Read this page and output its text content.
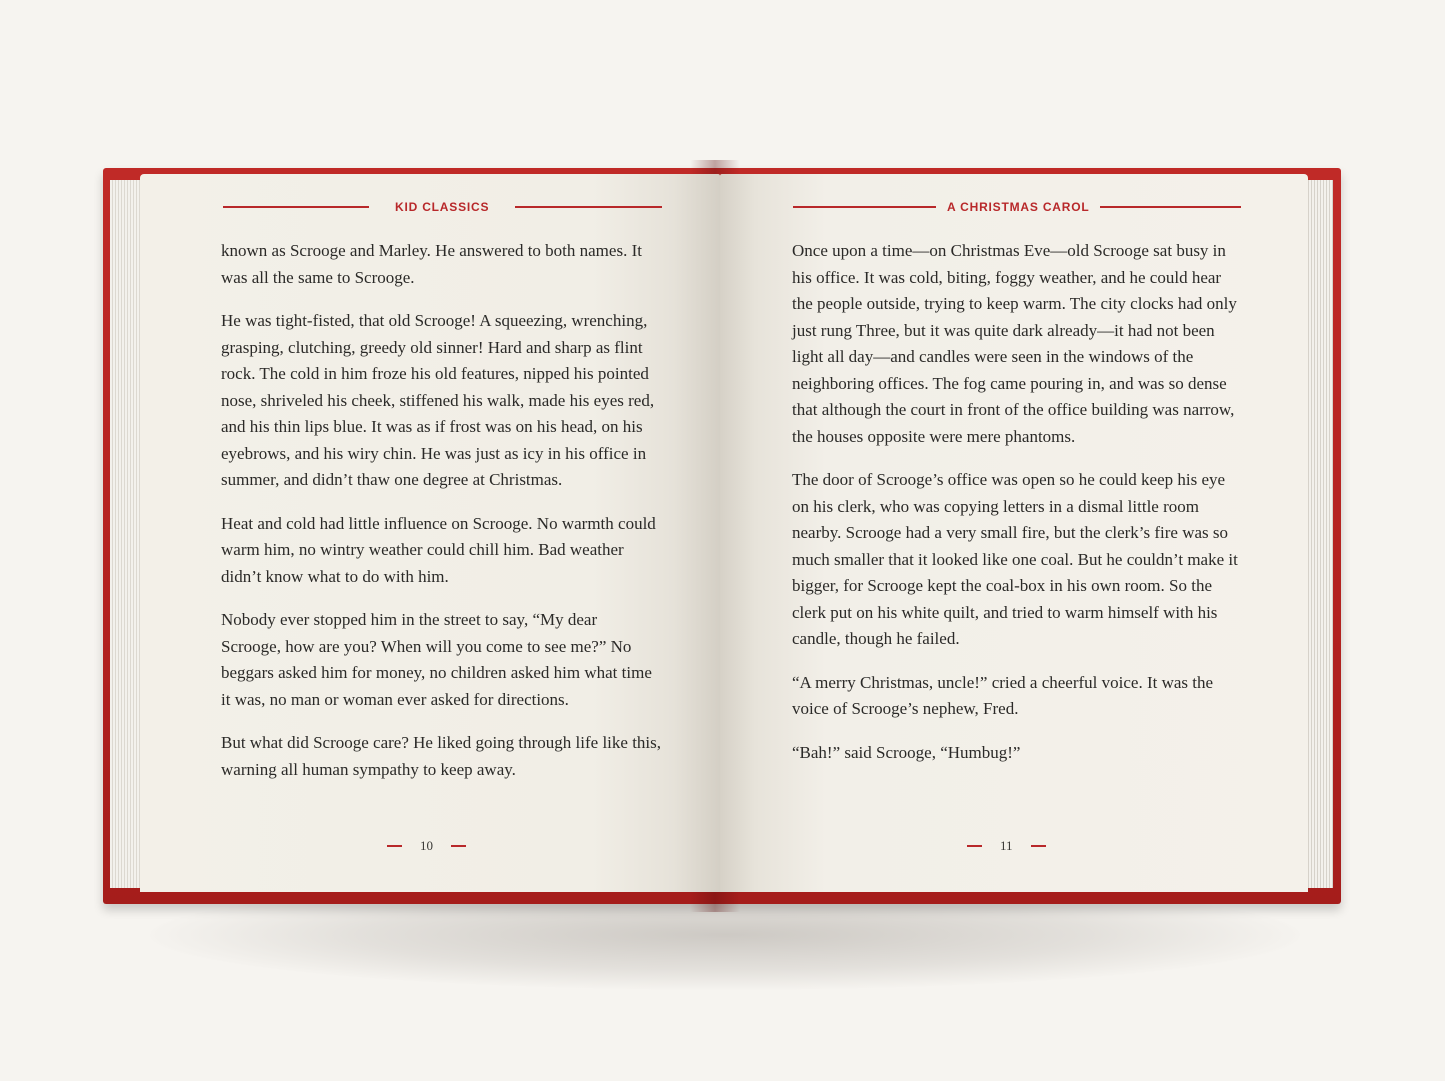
KID CLASSICS

known as Scrooge and Marley. He answered to both names. It was all the same to Scrooge.

He was tight-fisted, that old Scrooge! A squeezing, wrenching, grasping, clutching, greedy old sinner! Hard and sharp as flint rock. The cold in him froze his old features, nipped his pointed nose, shriveled his cheek, stiffened his walk, made his eyes red, and his thin lips blue. It was as if frost was on his head, on his eyebrows, and his wiry chin. He was just as icy in his office in summer, and didn’t thaw one degree at Christmas.

Heat and cold had little influence on Scrooge. No warmth could warm him, no wintry weather could chill him. Bad weather didn’t know what to do with him.

Nobody ever stopped him in the street to say, “My dear Scrooge, how are you? When will you come to see me?” No beggars asked him for money, no children asked him what time it was, no man or woman ever asked for directions.

But what did Scrooge care? He liked going through life like this, warning all human sympathy to keep away.

10
A CHRISTMAS CAROL

Once upon a time—on Christmas Eve—old Scrooge sat busy in his office. It was cold, biting, foggy weather, and he could hear the people outside, trying to keep warm. The city clocks had only just rung Three, but it was quite dark already—it had not been light all day—and candles were seen in the windows of the neighboring offices. The fog came pouring in, and was so dense that although the court in front of the office building was narrow, the houses opposite were mere phantoms.

The door of Scrooge’s office was open so he could keep his eye on his clerk, who was copying letters in a dismal little room nearby. Scrooge had a very small fire, but the clerk’s fire was so much smaller that it looked like one coal. But he couldn’t make it bigger, for Scrooge kept the coal-box in his own room. So the clerk put on his white quilt, and tried to warm himself with his candle, though he failed.

“A merry Christmas, uncle!” cried a cheerful voice. It was the voice of Scrooge’s nephew, Fred.

“Bah!” said Scrooge, “Humbug!”

11
